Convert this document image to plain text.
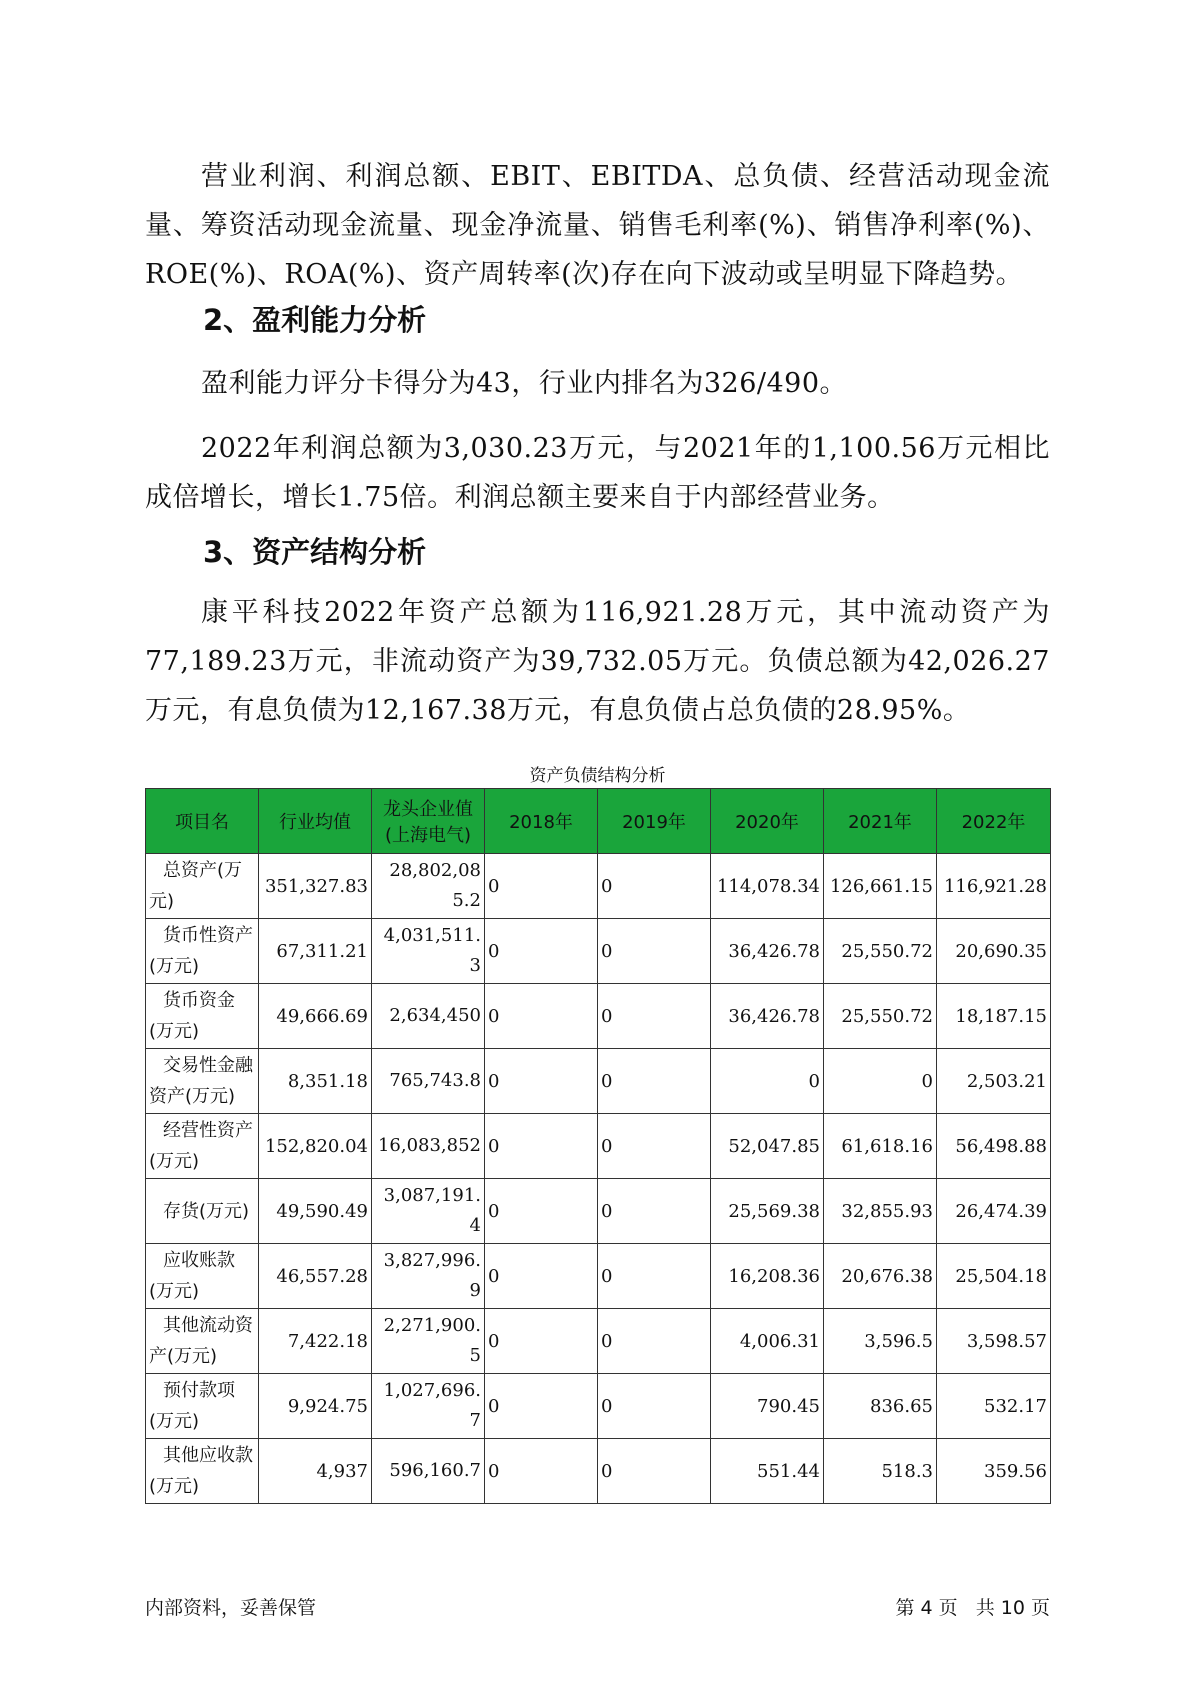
营业利润、利润总额、EBIT、EBITDA、总负债、经营活动现金流量、筹资活动现金流量、现金净流量、销售毛利率(%)、销售净利率(%)、ROE(%)、ROA(%)、资产周转率(次)存在向下波动或呈明显下降趋势。
2、盈利能力分析
盈利能力评分卡得分为43，行业内排名为326/490。
2022年利润总额为3,030.23万元，与2021年的1,100.56万元相比成倍增长，增长1.75倍。利润总额主要来自于内部经营业务。
3、资产结构分析
康平科技2022年资产总额为116,921.28万元，其中流动资产为77,189.23万元，非流动资产为39,732.05万元。负债总额为42,026.27万元，有息负债为12,167.38万元，有息负债占总负债的28.95%。
资产负债结构分析
项目名	行业均值	龙头企业值(上海电气)	2018年	2019年	2020年	2021年	2022年
总资产(万元)	351,327.83	28,802,085.2	0	0	114,078.34	126,661.15	116,921.28
货币性资产(万元)	67,311.21	4,031,511.3	0	0	36,426.78	25,550.72	20,690.35
货币资金(万元)	49,666.69	2,634,450	0	0	36,426.78	25,550.72	18,187.15
交易性金融资产(万元)	8,351.18	765,743.8	0	0	0	0	2,503.21
经营性资产(万元)	152,820.04	16,083,852	0	0	52,047.85	61,618.16	56,498.88
存货(万元)	49,590.49	3,087,191.4	0	0	25,569.38	32,855.93	26,474.39
应收账款(万元)	46,557.28	3,827,996.9	0	0	16,208.36	20,676.38	25,504.18
其他流动资产(万元)	7,422.18	2,271,900.5	0	0	4,006.31	3,596.5	3,598.57
预付款项(万元)	9,924.75	1,027,696.7	0	0	790.45	836.65	532.17
其他应收款(万元)	4,937	596,160.7	0	0	551.44	518.3	359.56
内部资料，妥善保管	第 4 页   共 10 页
